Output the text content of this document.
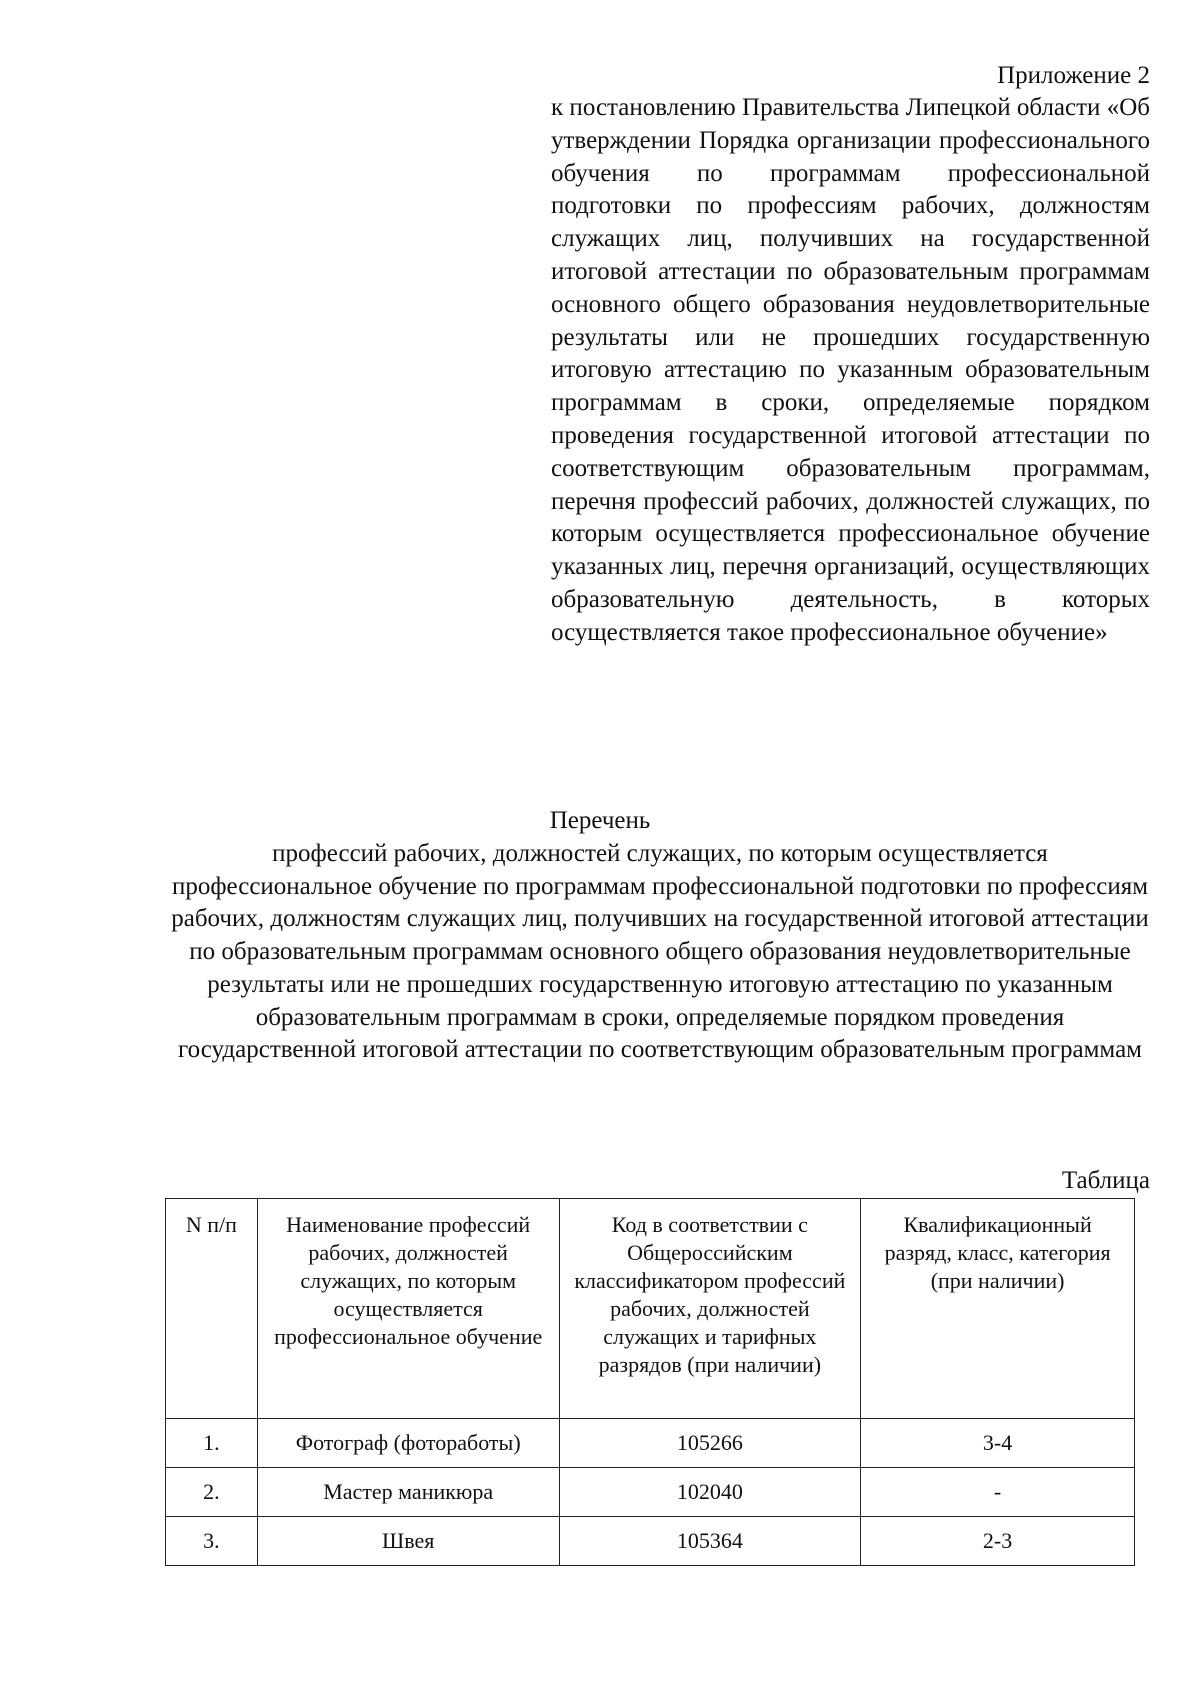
Приложение 2
к постановлению Правительства Липецкой области «Об утверждении Порядка организации профессионального обучения по программам профессиональной подготовки по профессиям рабочих, должностям служащих лиц, получивших на государственной итоговой аттестации по образовательным программам основного общего образования неудовлетворительные результаты или не прошедших государственную итоговую аттестацию по указанным образовательным программам в сроки, определяемые порядком проведения государственной итоговой аттестации по соответствующим образовательным программам, перечня профессий рабочих, должностей служащих, по которым осуществляется профессиональное обучение указанных лиц, перечня организаций, осуществляющих образовательную деятельность, в которых осуществляется такое профессиональное обучение»
Перечень
профессий рабочих, должностей служащих, по которым осуществляется профессиональное обучение по программам профессиональной подготовки по профессиям рабочих, должностям служащих лиц, получивших на государственной итоговой аттестации по образовательным программам основного общего образования неудовлетворительные результаты или не прошедших государственную итоговую аттестацию по указанным образовательным программам в сроки, определяемые порядком проведения государственной итоговой аттестации по соответствующим образовательным программам
Таблица
N п/п	Наименование профессий рабочих, должностей служащих, по которым осуществляется профессиональное обучение	Код в соответствии с Общероссийским классификатором профессий рабочих, должностей служащих и тарифных разрядов (при наличии)	Квалификационный разряд, класс, категория (при наличии)
1.	Фотограф (фотоработы)	105266	3-4
2.	Мастер маникюра	102040	-
3.	Швея	105364	2-3
